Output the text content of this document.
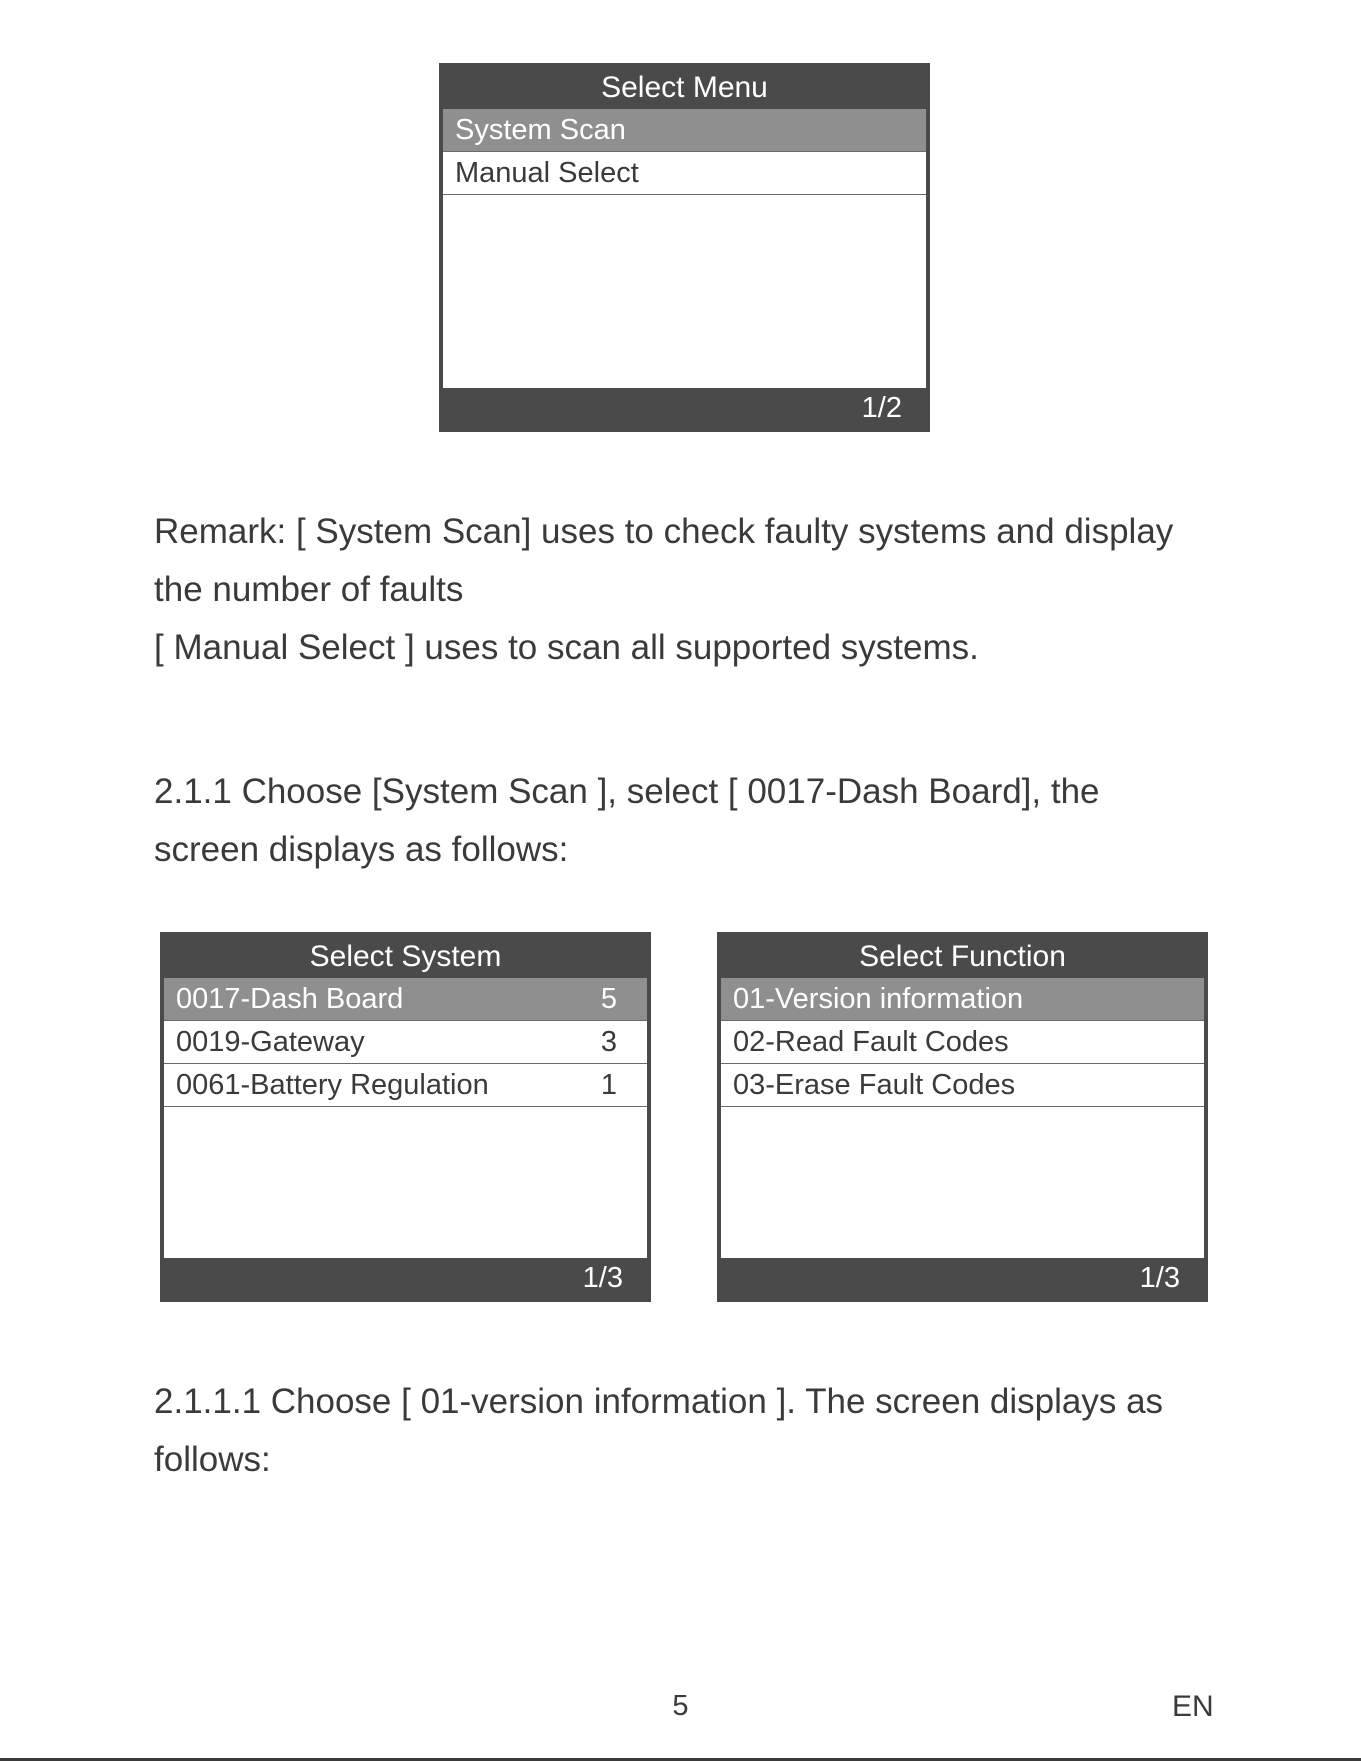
Select Menu
System Scan
Manual Select
1/2

Remark: [ System Scan] uses to check faulty systems and display
the number of faults
[ Manual Select ] uses to scan all supported systems.

2.1.1 Choose [System Scan ], select [ 0017-Dash Board], the
screen displays as follows:

Select System
0017-Dash Board	5
0019-Gateway	3
0061-Battery Regulation	1
1/3
Select Function
01-Version information
02-Read Fault Codes
03-Erase Fault Codes
1/3

2.1.1.1 Choose [ 01-version information ]. The screen displays as
follows:

5	EN
